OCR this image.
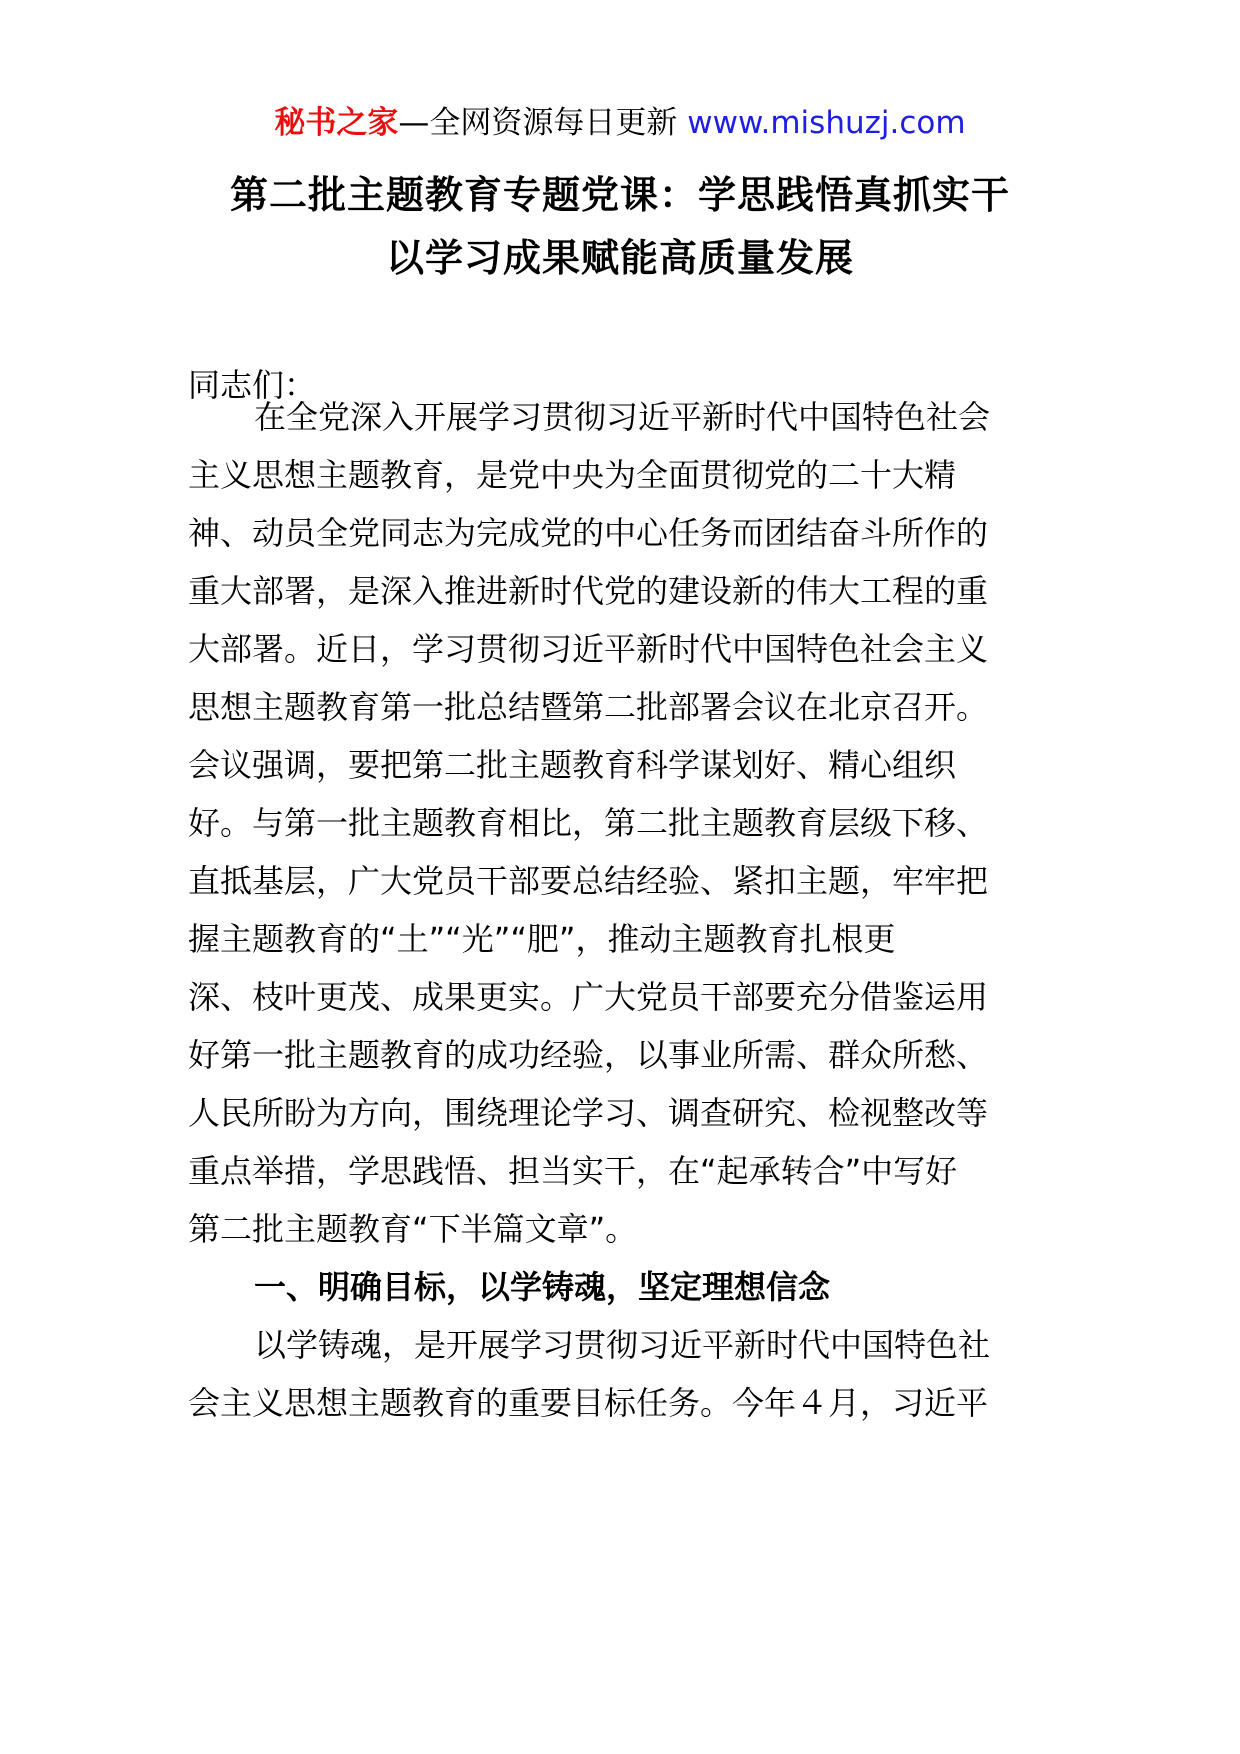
秘书之家—全网资源每日更新 www.mishuzj.com
第二批主题教育专题党课：学思践悟真抓实干
以学习成果赋能高质量发展
同志们：
在全党深入开展学习贯彻习近平新时代中国特色社会
主义思想主题教育，是党中央为全面贯彻党的二十大精
神、动员全党同志为完成党的中心任务而团结奋斗所作的
重大部署，是深入推进新时代党的建设新的伟大工程的重
大部署。近日，学习贯彻习近平新时代中国特色社会主义
思想主题教育第一批总结暨第二批部署会议在北京召开。
会议强调，要把第二批主题教育科学谋划好、精心组织
好。与第一批主题教育相比，第二批主题教育层级下移、
直抵基层，广大党员干部要总结经验、紧扣主题，牢牢把
握主题教育的“土”“光”“肥”，推动主题教育扎根更
深、枝叶更茂、成果更实。广大党员干部要充分借鉴运用
好第一批主题教育的成功经验，以事业所需、群众所愁、
人民所盼为方向，围绕理论学习、调查研究、检视整改等
重点举措，学思践悟、担当实干，在“起承转合”中写好
第二批主题教育“下半篇文章”。
一、明确目标，以学铸魂，坚定理想信念
以学铸魂，是开展学习贯彻习近平新时代中国特色社
会主义思想主题教育的重要目标任务。今年４月，习近平
